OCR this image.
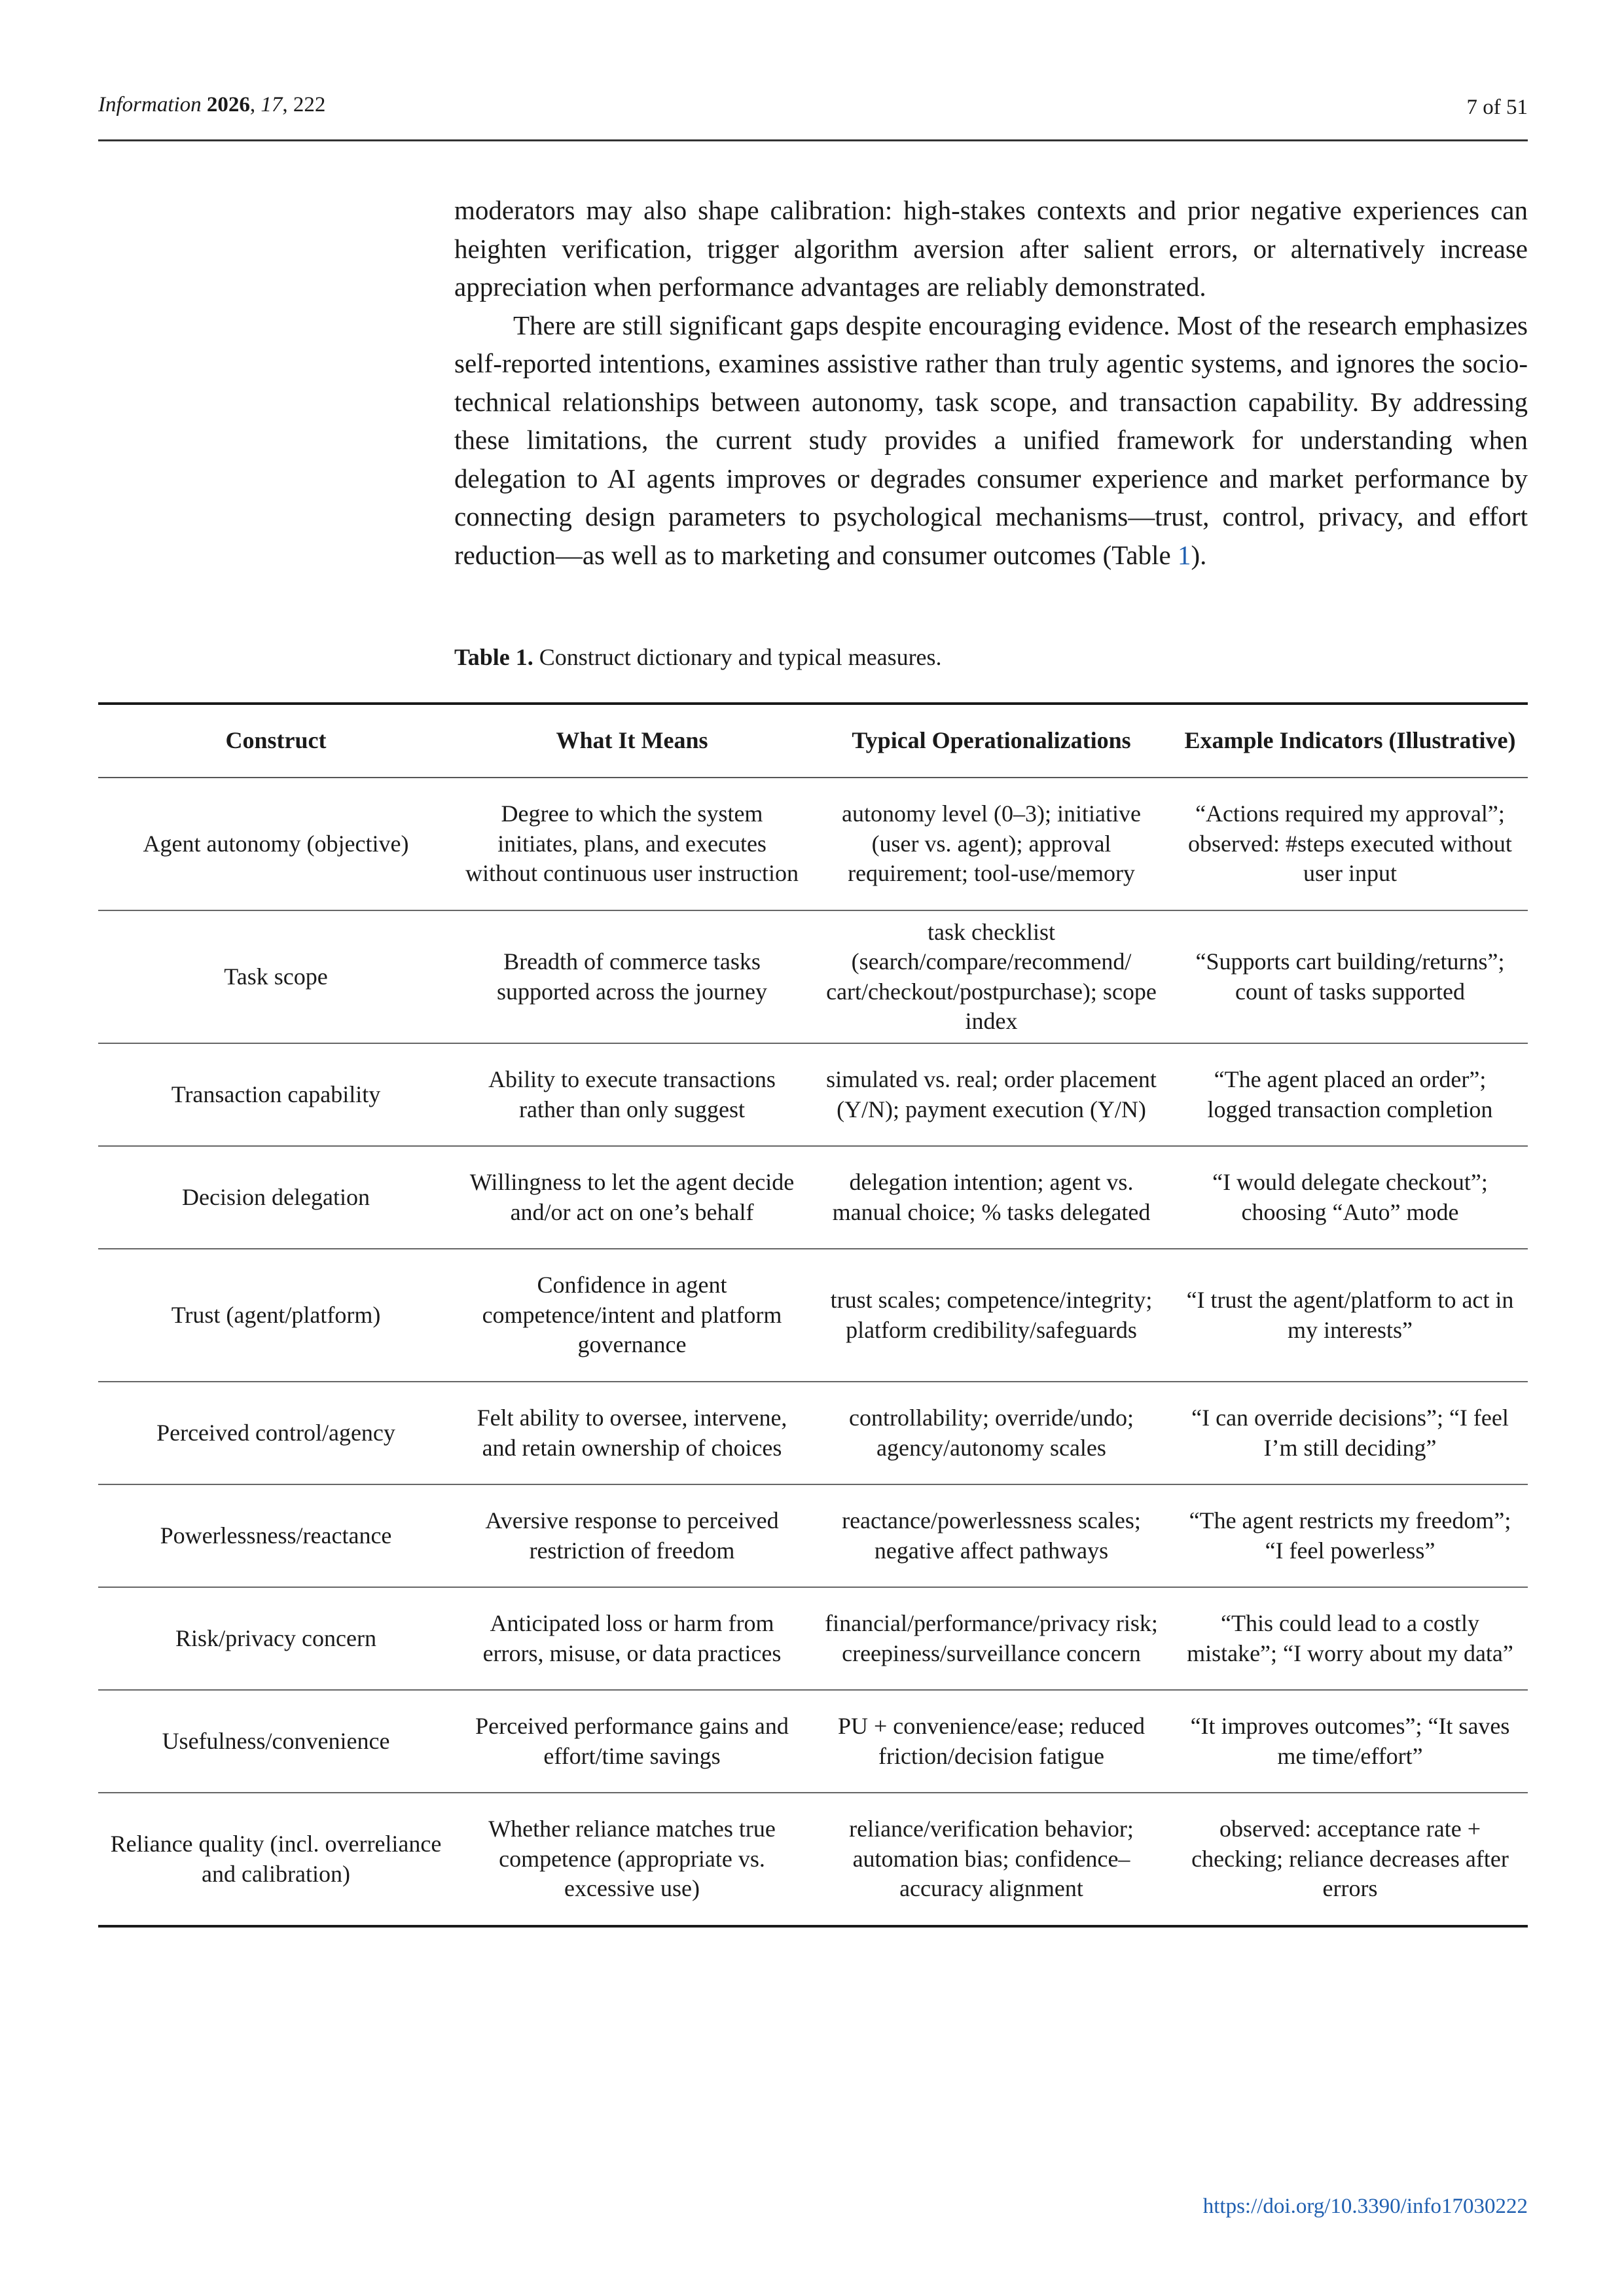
Information 2026, 17, 222	7 of 51

moderators may also shape calibration: high-stakes contexts and prior negative experiences can heighten verification, trigger algorithm aversion after salient errors, or alternatively increase appreciation when performance advantages are reliably demonstrated.

There are still significant gaps despite encouraging evidence. Most of the research emphasizes self-reported intentions, examines assistive rather than truly agentic systems, and ignores the socio-technical relationships between autonomy, task scope, and transaction capability. By addressing these limitations, the current study provides a unified framework for understanding when delegation to AI agents improves or degrades consumer experience and market performance by connecting design parameters to psychological mechanisms—trust, control, privacy, and effort reduction—as well as to marketing and consumer outcomes (Table 1).

Table 1. Construct dictionary and typical measures.
Construct	What It Means	Typical Operationalizations	Example Indicators (Illustrative)
Agent autonomy (objective)	Degree to which the system initiates, plans, and executes without continuous user instruction	autonomy level (0–3); initiative (user vs. agent); approval requirement; tool-use/memory	“Actions required my approval”; observed: #steps executed without user input
Task scope	Breadth of commerce tasks supported across the journey	task checklist (search/compare/recommend/ cart/checkout/postpurchase); scope index	“Supports cart building/returns”; count of tasks supported
Transaction capability	Ability to execute transactions rather than only suggest	simulated vs. real; order placement (Y/N); payment execution (Y/N)	“The agent placed an order”; logged transaction completion
Decision delegation	Willingness to let the agent decide and/or act on one’s behalf	delegation intention; agent vs. manual choice; % tasks delegated	“I would delegate checkout”; choosing “Auto” mode
Trust (agent/platform)	Confidence in agent competence/intent and platform governance	trust scales; competence/integrity; platform credibility/safeguards	“I trust the agent/platform to act in my interests”
Perceived control/agency	Felt ability to oversee, intervene, and retain ownership of choices	controllability; override/undo; agency/autonomy scales	“I can override decisions”; “I feel I’m still deciding”
Powerlessness/reactance	Aversive response to perceived restriction of freedom	reactance/powerlessness scales; negative affect pathways	“The agent restricts my freedom”; “I feel powerless”
Risk/privacy concern	Anticipated loss or harm from errors, misuse, or data practices	financial/performance/privacy risk; creepiness/surveillance concern	“This could lead to a costly mistake”; “I worry about my data”
Usefulness/convenience	Perceived performance gains and effort/time savings	PU + convenience/ease; reduced friction/decision fatigue	“It improves outcomes”; “It saves me time/effort”
Reliance quality (incl. overreliance and calibration)	Whether reliance matches true competence (appropriate vs. excessive use)	reliance/verification behavior; automation bias; confidence–accuracy alignment	observed: acceptance rate + checking; reliance decreases after errors
https://doi.org/10.3390/info17030222
